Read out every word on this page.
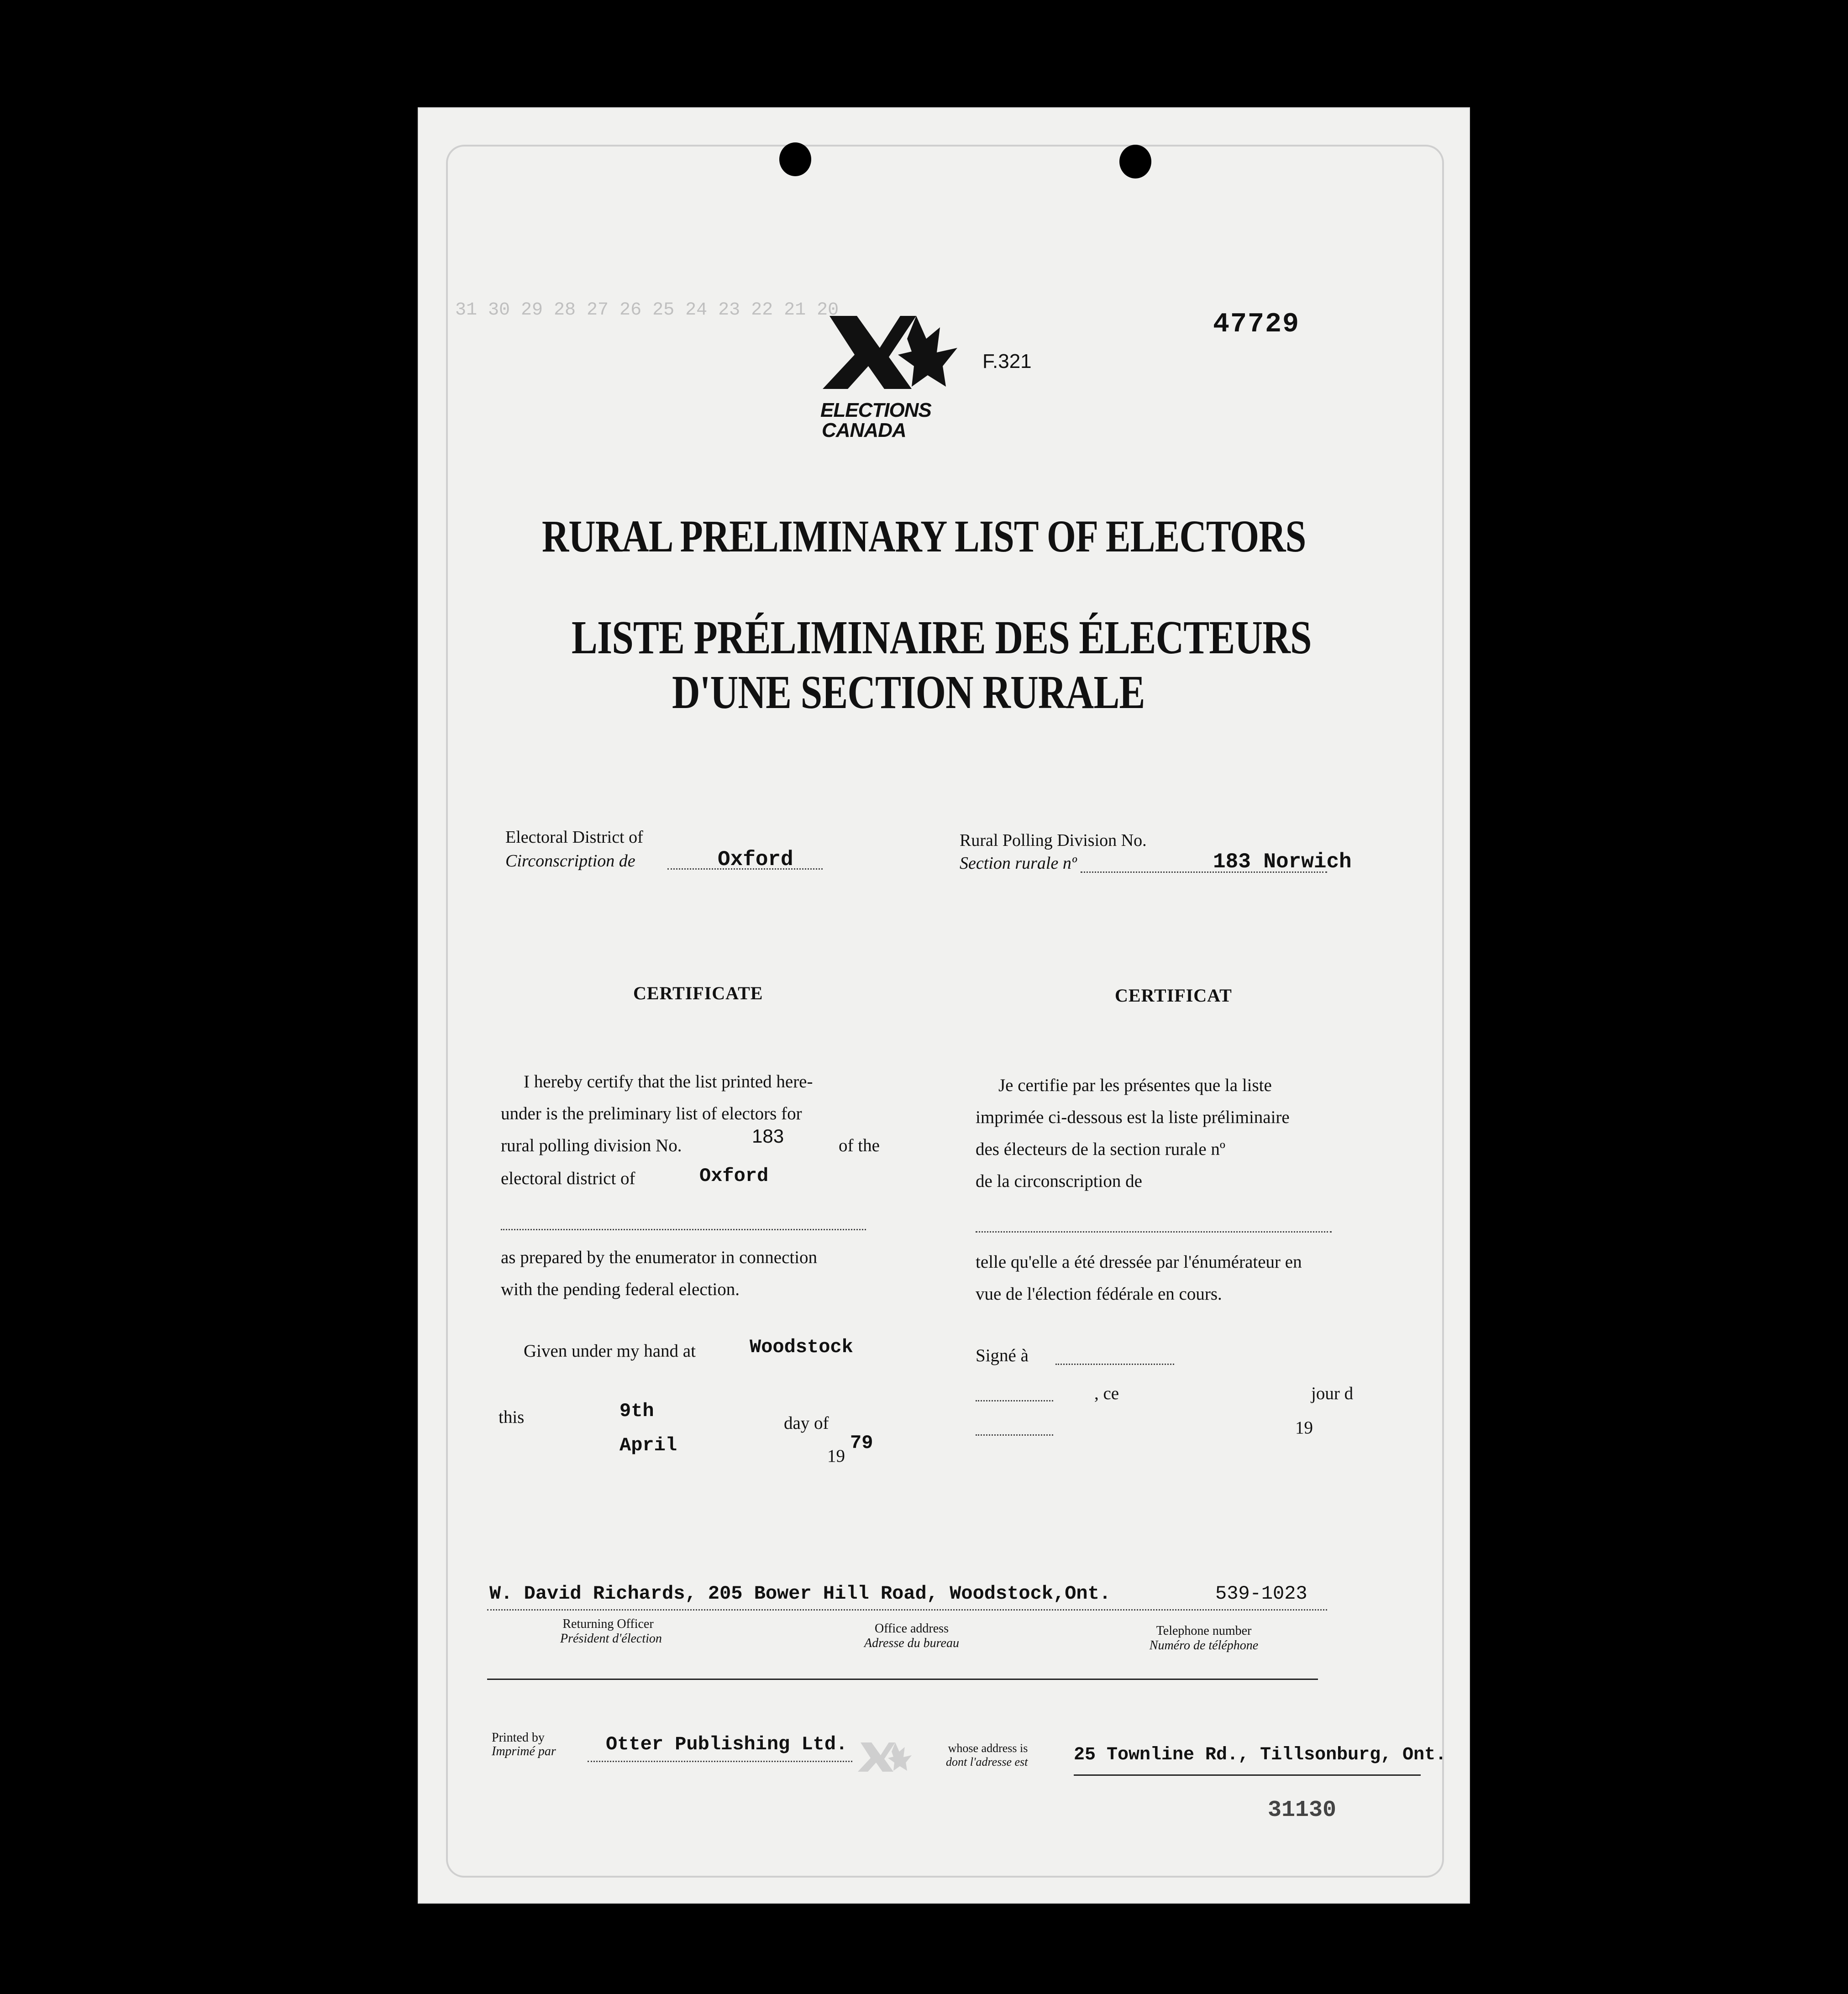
31 30 29 28 27 26 25 24 23 22 21 20
ELECTIONS
CANADA
F.321
47729
RURAL PRELIMINARY LIST OF ELECTORS
LISTE PRÉLIMINAIRE DES ÉLECTEURS
D'UNE SECTION RURALE
Electoral District of
Circonscription de	Oxford
Rural Polling Division No.
Section rurale nº	183 Norwich
CERTIFICATE
I hereby certify that the list printed here-
under is the preliminary list of electors for
rural polling division No.	183	of the
electoral district of	Oxford
as prepared by the enumerator in connection
with the pending federal election.
Given under my hand at	Woodstock
this	9th
day of
April	19
79
CERTIFICAT
Je certifie par les présentes que la liste
imprimée ci-dessous est la liste préliminaire
des électeurs de la section rurale nº
de la circonscription de
telle qu'elle a été dressée par l'énumérateur en
vue de l'élection fédérale en cours.
Signé à
, ce	jour d
19
W. David Richards, 205 Bower Hill Road, Woodstock,Ont.	539-1023
Returning Officer
Président d'élection
Office address
Adresse du bureau
Telephone number
Numéro de téléphone
Printed by
Imprimé par	Otter Publishing Ltd.	whose address is
dont l'adresse est	25 Townline Rd., Tillsonburg, Ont.
31130
